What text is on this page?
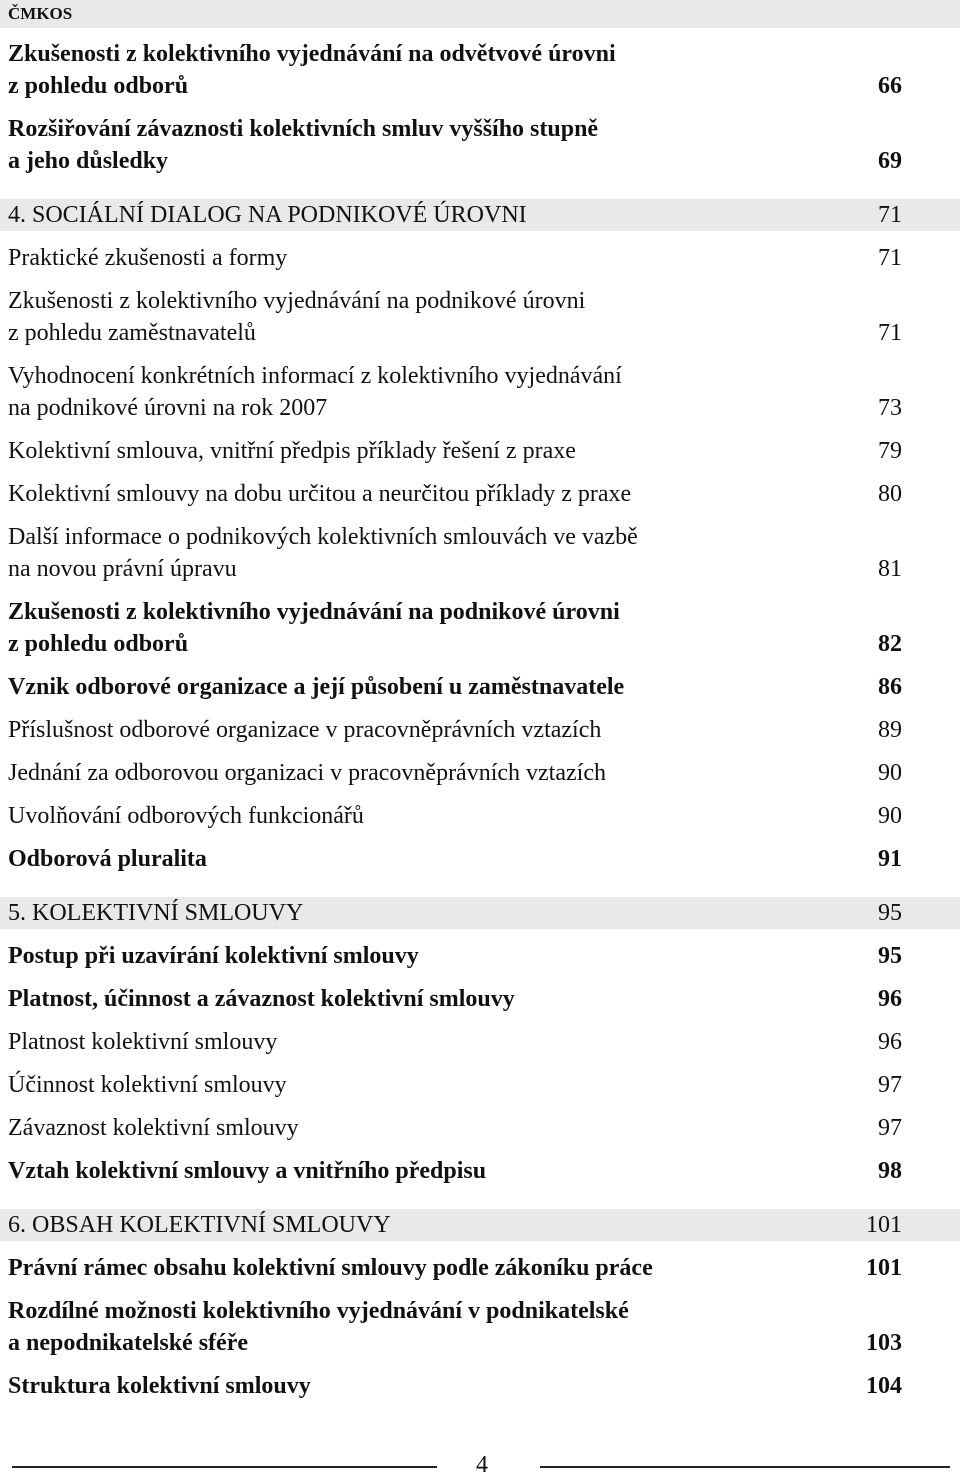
ČMKOS
Zkušenosti z kolektivního vyjednávání na odvětvové úrovni
z pohledu odborů	66
Rozšiřování závaznosti kolektivních smluv vyššího stupně
a jeho důsledky	69
4. SOCIÁLNÍ DIALOG NA PODNIKOVÉ ÚROVNI	71
Praktické zkušenosti a formy	71
Zkušenosti z kolektivního vyjednávání na podnikové úrovni
z pohledu zaměstnavatelů	71
Vyhodnocení konkrétních informací z kolektivního vyjednávání
na podnikové úrovni na rok 2007	73
Kolektivní smlouva, vnitřní předpis příklady řešení z praxe	79
Kolektivní smlouvy na dobu určitou a neurčitou příklady z praxe	80
Další informace o podnikových kolektivních smlouvách ve vazbě
na novou právní úpravu	81
Zkušenosti z kolektivního vyjednávání na podnikové úrovni
z pohledu odborů	82
Vznik odborové organizace a její působení u zaměstnavatele	86
Příslušnost odborové organizace v pracovněprávních vztazích	89
Jednání za odborovou organizaci v pracovněprávních vztazích	90
Uvolňování odborových funkcionářů	90
Odborová pluralita	91
5. KOLEKTIVNÍ SMLOUVY	95
Postup při uzavírání kolektivní smlouvy	95
Platnost, účinnost a závaznost kolektivní smlouvy	96
Platnost kolektivní smlouvy	96
Účinnost kolektivní smlouvy	97
Závaznost kolektivní smlouvy	97
Vztah kolektivní smlouvy a vnitřního předpisu	98
6. OBSAH KOLEKTIVNÍ SMLOUVY	101
Právní rámec obsahu kolektivní smlouvy podle zákoníku práce	101
Rozdílné možnosti kolektivního vyjednávání v podnikatelské
a nepodnikatelské sféře	103
Struktura kolektivní smlouvy	104
4
